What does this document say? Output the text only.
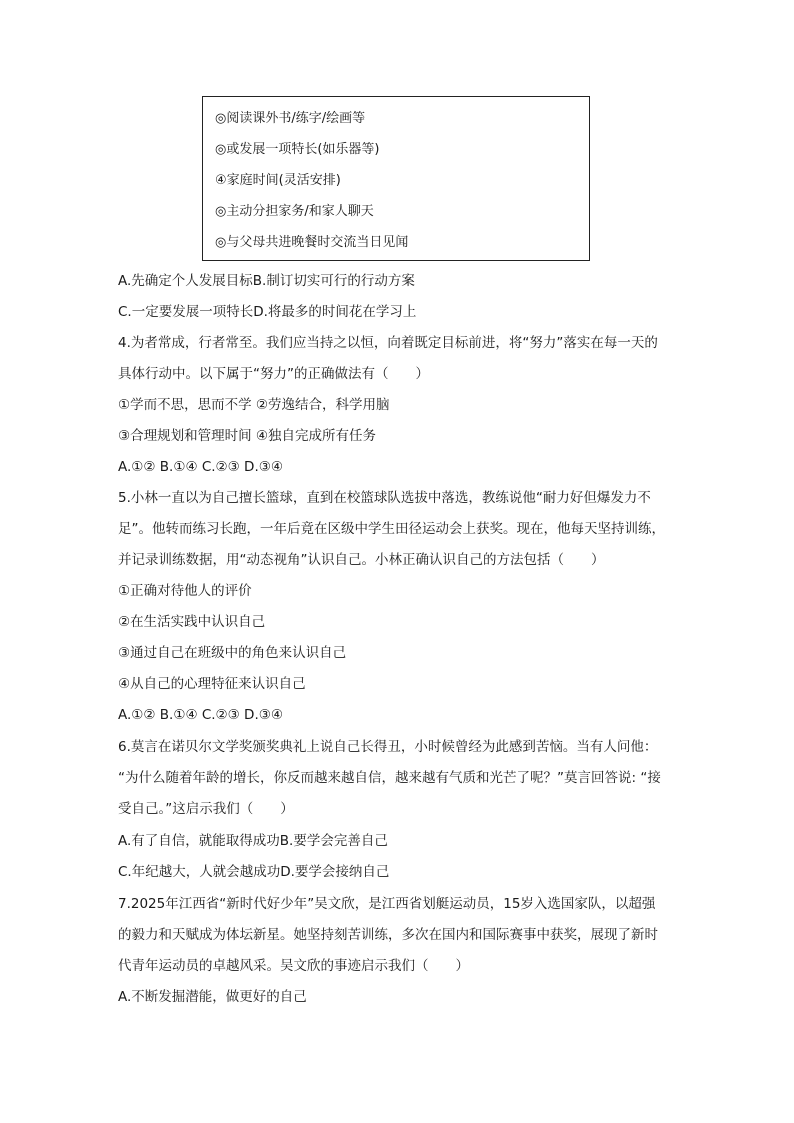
◎阅读课外书/练字/绘画等
◎或发展一项特长(如乐器等)
④家庭时间(灵活安排)
◎主动分担家务/和家人聊天
◎与父母共进晚餐时交流当日见闻
A.先确定个人发展目标B.制订切实可行的行动方案
C.一定要发展一项特长D.将最多的时间花在学习上
4.为者常成，行者常至。我们应当持之以恒，向着既定目标前进，将“努力”落实在每一天的
具体行动中。以下属于“努力”的正确做法有（　　）
①学而不思，思而不学 ②劳逸结合，科学用脑
③合理规划和管理时间 ④独自完成所有任务
A.①② B.①④ C.②③ D.③④
5.小林一直以为自己擅长篮球，直到在校篮球队选拔中落选，教练说他“耐力好但爆发力不
足”。他转而练习长跑，一年后竟在区级中学生田径运动会上获奖。现在，他每天坚持训练，
并记录训练数据，用“动态视角”认识自己。小林正确认识自己的方法包括（　　）
①正确对待他人的评价
②在生活实践中认识自己
③通过自己在班级中的角色来认识自己
④从自己的心理特征来认识自己
A.①② B.①④ C.②③ D.③④
6.莫言在诺贝尔文学奖颁奖典礼上说自己长得丑，小时候曾经为此感到苦恼。当有人问他：
“为什么随着年龄的增长，你反而越来越自信，越来越有气质和光芒了呢？”莫言回答说: “接
受自己。”这启示我们（　　）
A.有了自信，就能取得成功B.要学会完善自己
C.年纪越大，人就会越成功D.要学会接纳自己
7.2025年江西省“新时代好少年”吴文欣，是江西省划艇运动员，15岁入选国家队，以超强
的毅力和天赋成为体坛新星。她坚持刻苦训练，多次在国内和国际赛事中获奖，展现了新时
代青年运动员的卓越风采。吴文欣的事迹启示我们（　　）
A.不断发掘潜能，做更好的自己
